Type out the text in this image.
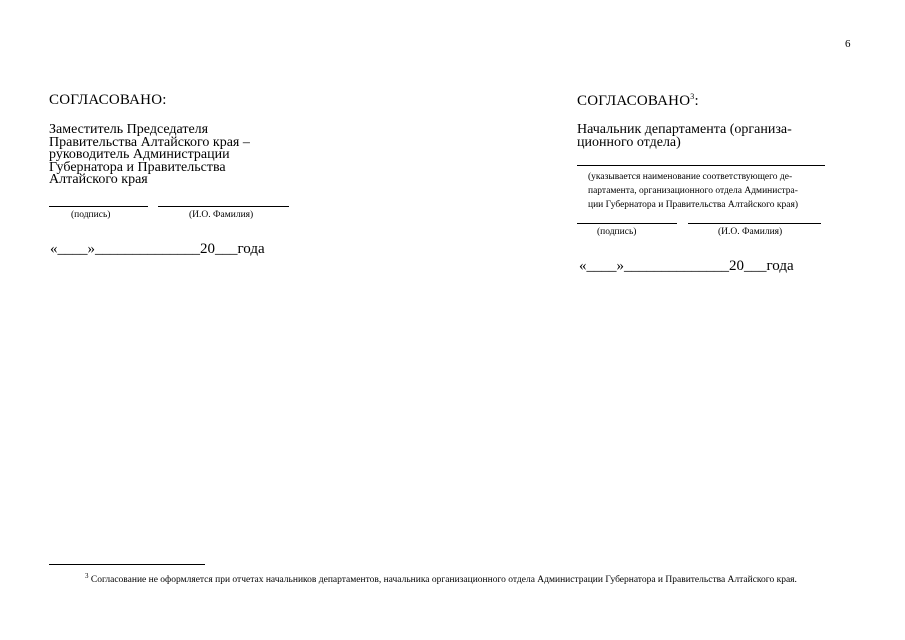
6
СОГЛАСОВАНО:
Заместитель Председателя
Правительства Алтайского края –
руководитель Администрации
Губернатора и Правительства
Алтайского края
(подпись)	(И.О. Фамилия)
«____»______________20___года
СОГЛАСОВАНО$^3$:
Начальник департамента (организа-
ционного отдела)
(указывается наименование соответствующего де-
партамента, организационного отдела Администра-
ции Губернатора и Правительства Алтайского края)
(подпись)	(И.О. Фамилия)
«____»______________20___года
$^3$ Согласование не оформляется при отчетах начальников департаментов, начальника организационного отдела Администрации Губернатора и Правительства Алтайского края.
